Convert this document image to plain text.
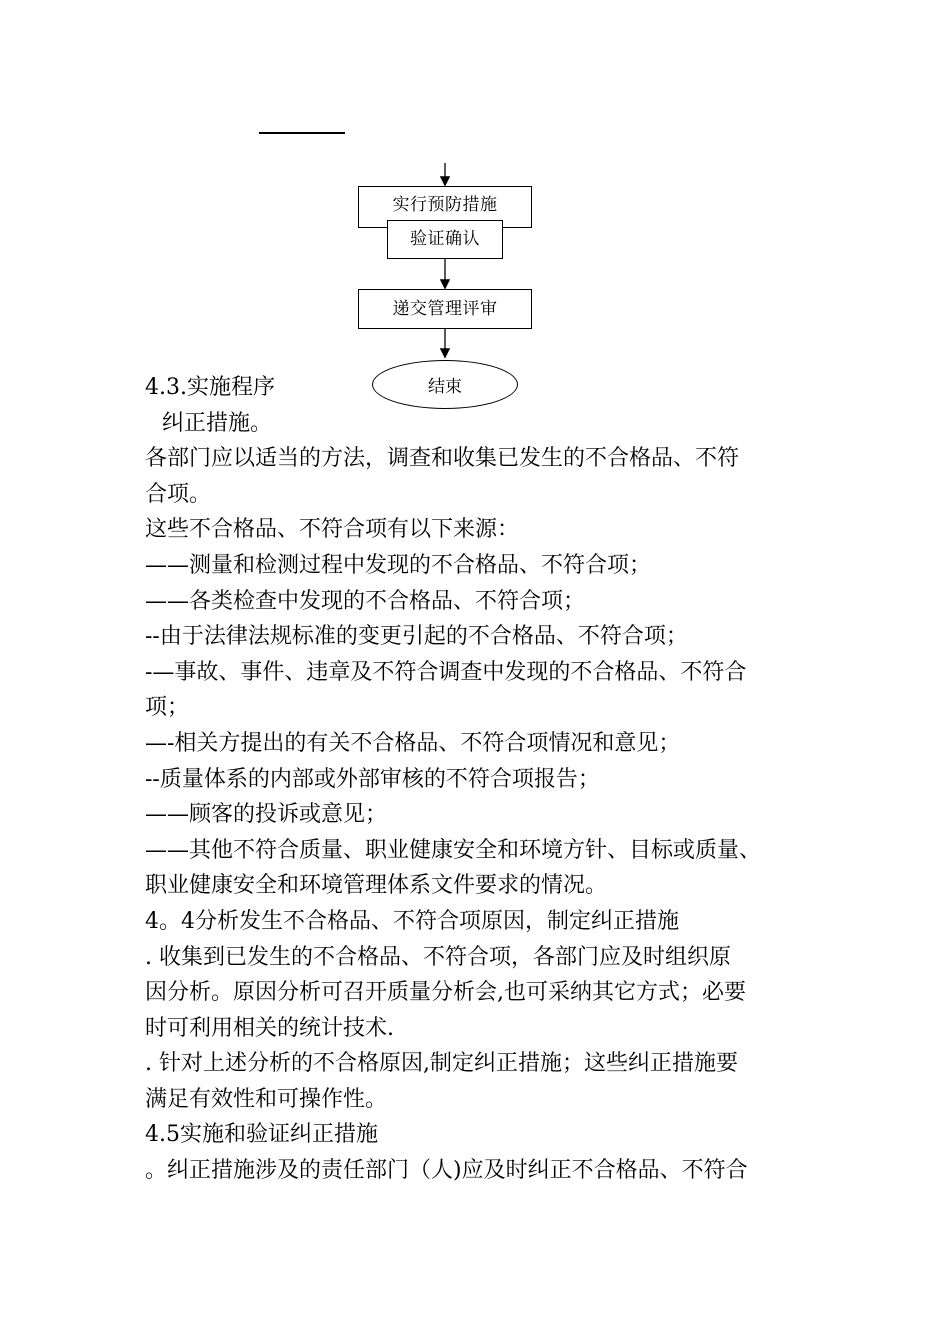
实行预防措施
验证确认
递交管理评审
结束

4.3.实施程序

纠正措施。

各部门应以适当的方法，调查和收集已发生的不合格品、不符

合项。

这些不合格品、不符合项有以下来源：

——测量和检测过程中发现的不合格品、不符合项；

——各类检查中发现的不合格品、不符合项；

--由于法律法规标准的变更引起的不合格品、不符合项；

-—事故、事件、违章及不符合调查中发现的不合格品、不符合

项；

—-相关方提出的有关不合格品、不符合项情况和意见；

--质量体系的内部或外部审核的不符合项报告；

——顾客的投诉或意见；

——其他不符合质量、职业健康安全和环境方针、目标或质量、

职业健康安全和环境管理体系文件要求的情况。

4。4分析发生不合格品、不符合项原因，制定纠正措施

. 收集到已发生的不合格品、不符合项，各部门应及时组织原

因分析。原因分析可召开质量分析会,也可采纳其它方式；必要

时可利用相关的统计技术.

. 针对上述分析的不合格原因,制定纠正措施；这些纠正措施要

满足有效性和可操作性。

4.5实施和验证纠正措施

。纠正措施涉及的责任部门（人)应及时纠正不合格品、不符合
